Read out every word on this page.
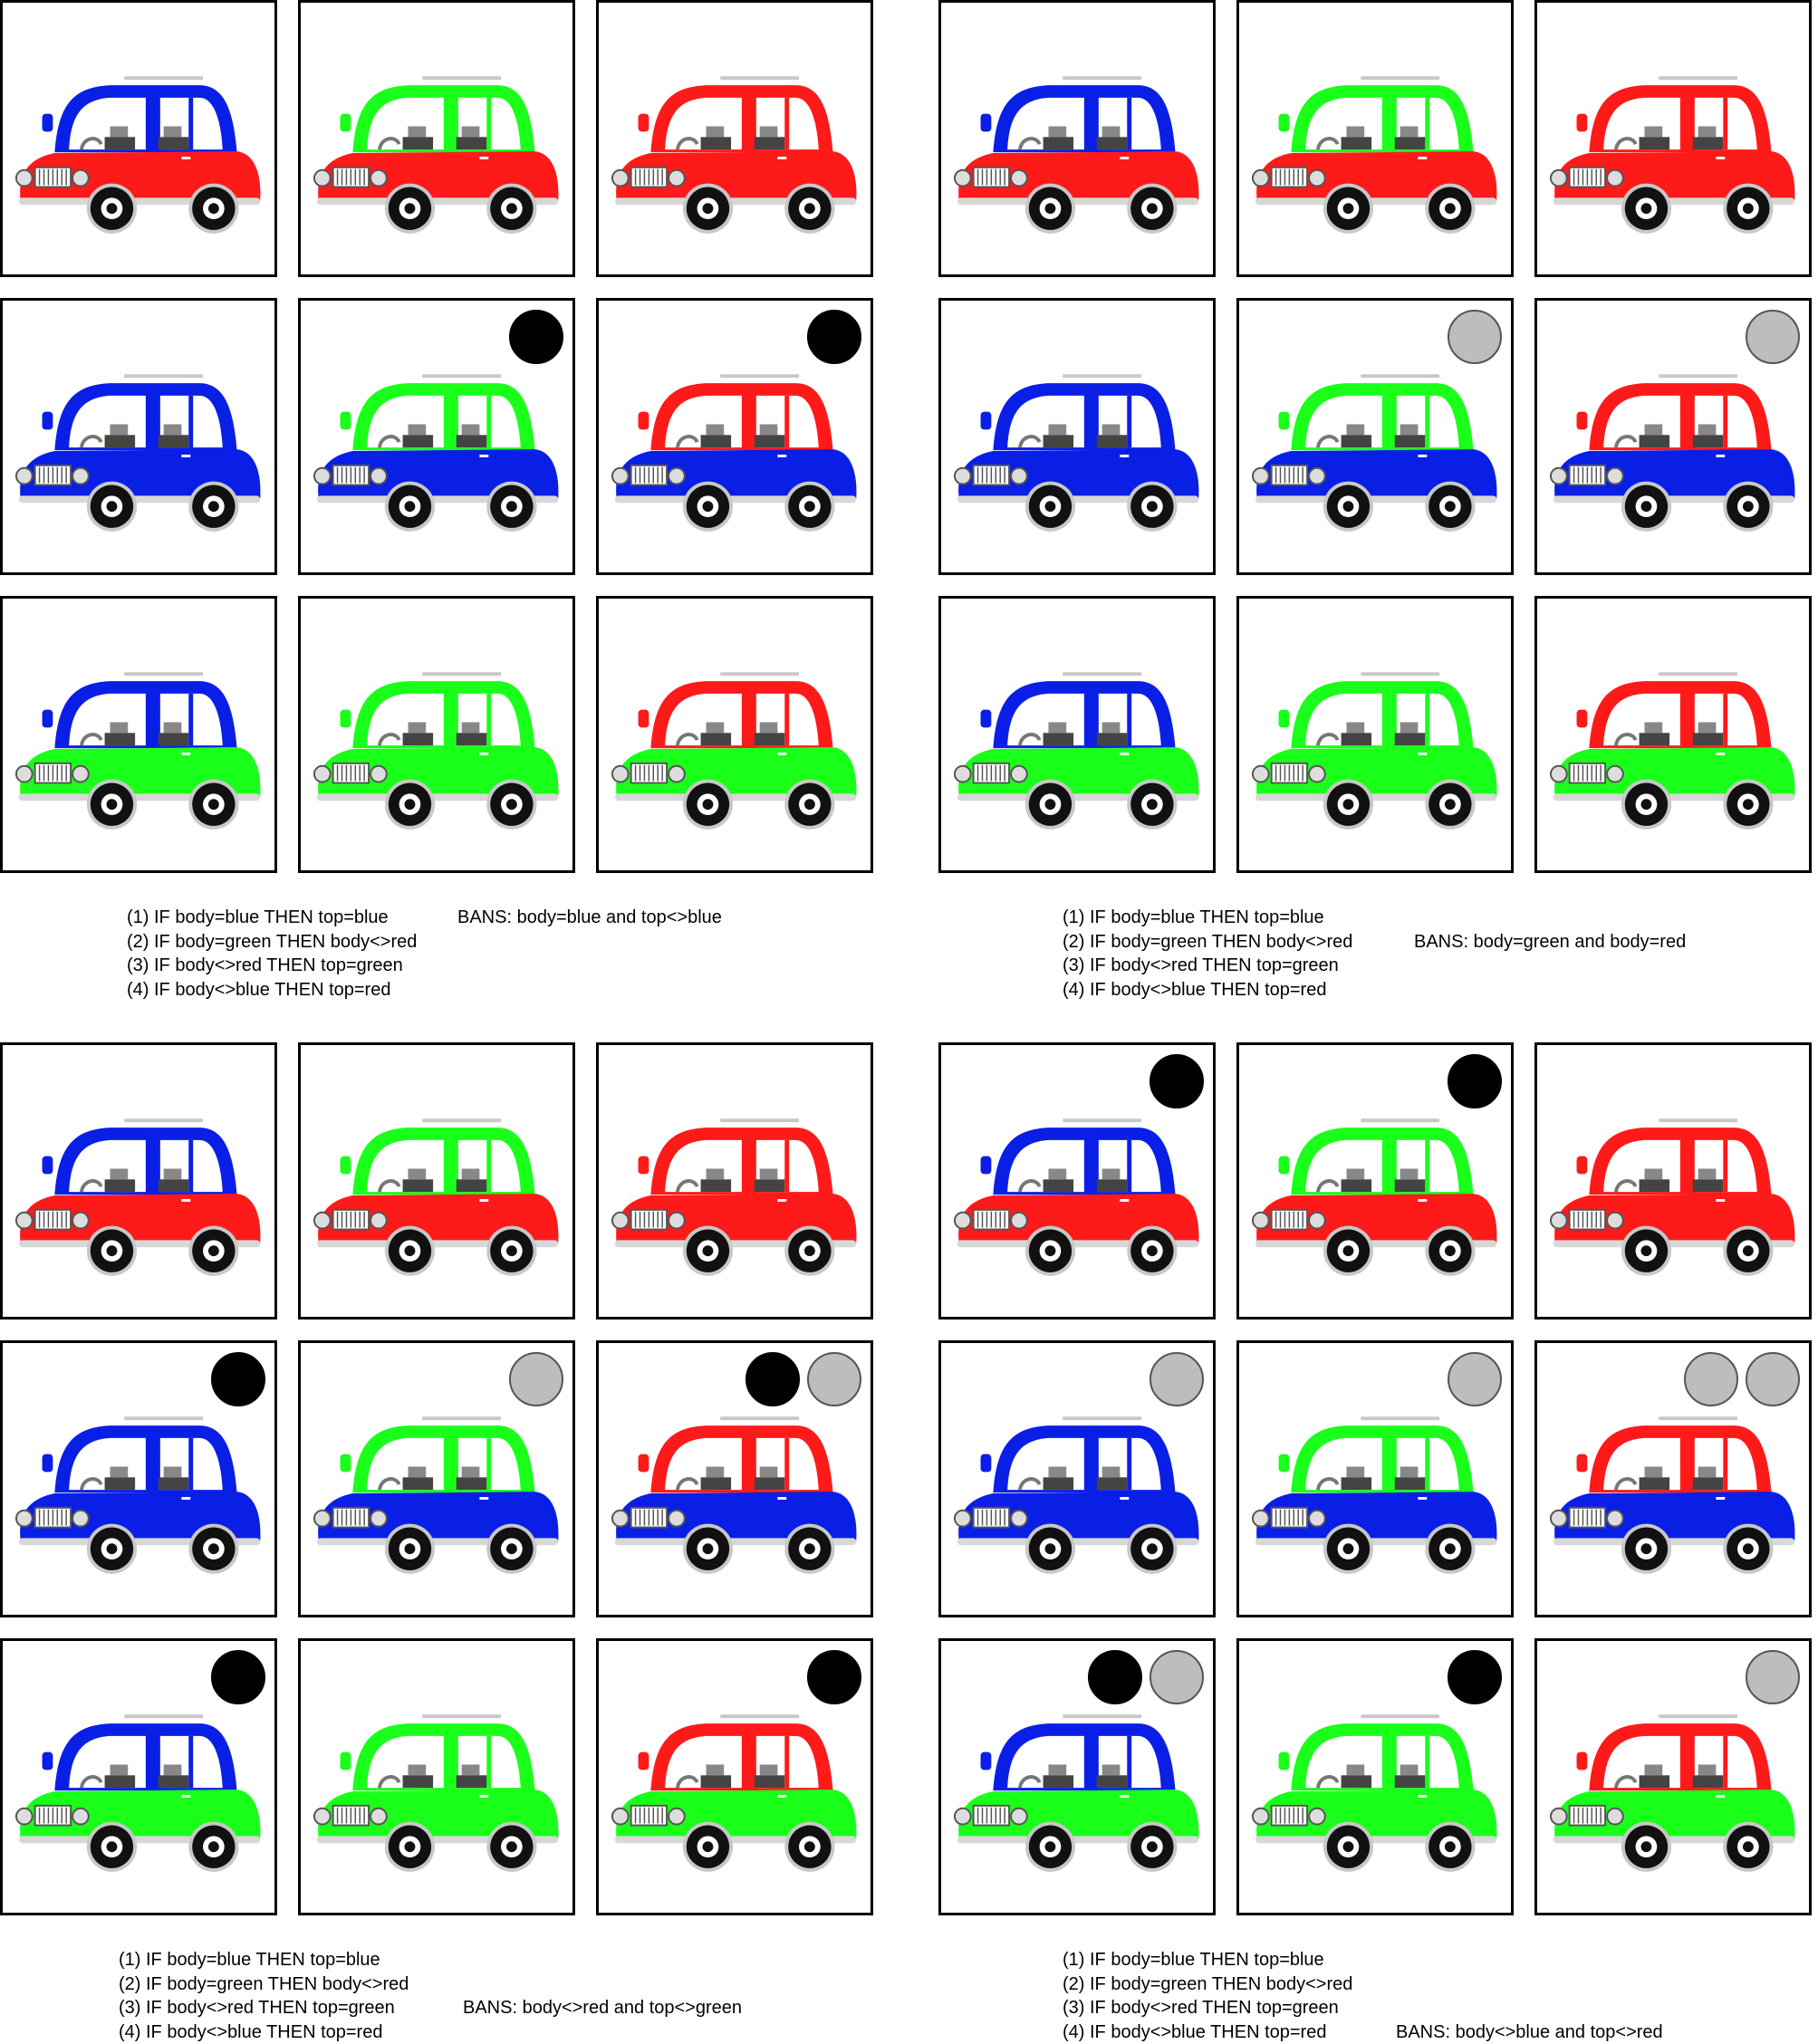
(1) IF body=blue THEN top=blue
(2) IF body=green THEN body<>red
(3) IF body<>red THEN top=green
(4) IF body<>blue THEN top=red
BANS: body=blue and top<>blue	(1) IF body=blue THEN top=blue
(2) IF body=green THEN body<>red
(3) IF body<>red THEN top=green
(4) IF body<>blue THEN top=red
BANS: body=green and body=red
(1) IF body=blue THEN top=blue
(2) IF body=green THEN body<>red
(3) IF body<>red THEN top=green
(4) IF body<>blue THEN top=red
BANS: body<>red and top<>green
(1) IF body=blue THEN top=blue
(2) IF body=green THEN body<>red
(3) IF body<>red THEN top=green
(4) IF body<>blue THEN top=red	BANS: body<>blue and top<>red
